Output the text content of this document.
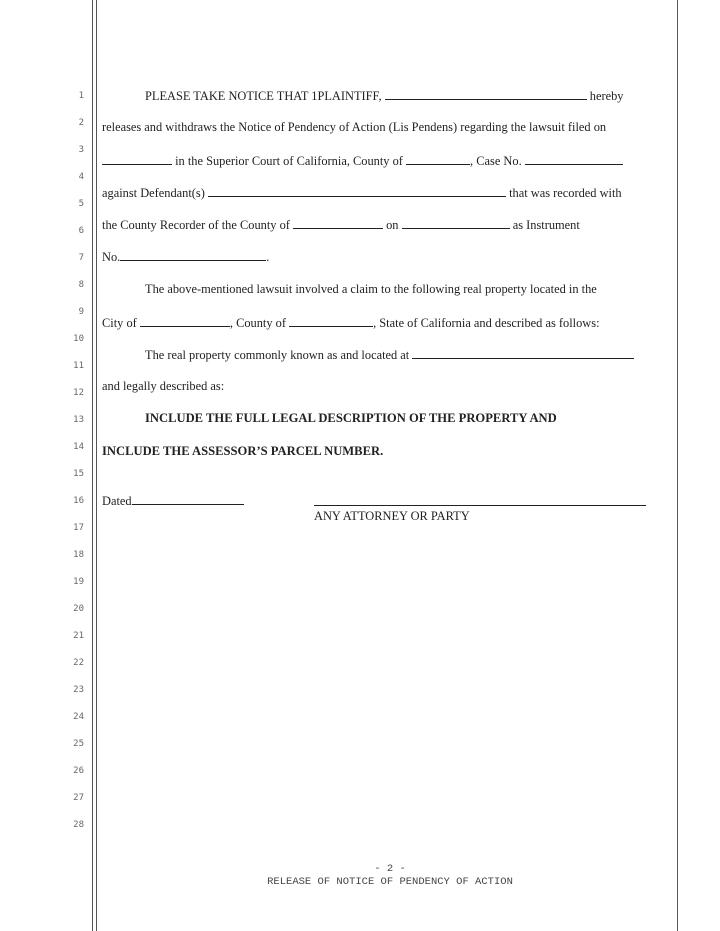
1
2
3
4
5
6
7
8
9
10
11
12
13
14
15
16
17
18
19
20
21
22
23
24
25
26
27
28
PLEASE TAKE NOTICE THAT 1PLAINTIFF,	hereby
releases and withdraws the Notice of Pendency of Action (Lis Pendens) regarding the lawsuit filed on
in the Superior Court of California, County of	, Case No.
against Defendant(s)	that was recorded with
the County Recorder of the County of	on	as Instrument
No.	.
The above-mentioned lawsuit involved a claim to the following real property located in the
City of	, County of	, State of California and described as follows:
The real property commonly known as and located at
and legally described as:
INCLUDE THE FULL LEGAL DESCRIPTION OF THE PROPERTY AND
INCLUDE THE ASSESSOR’S PARCEL NUMBER.
Dated
ANY ATTORNEY OR PARTY
- 2 -
RELEASE OF NOTICE OF PENDENCY OF ACTION
